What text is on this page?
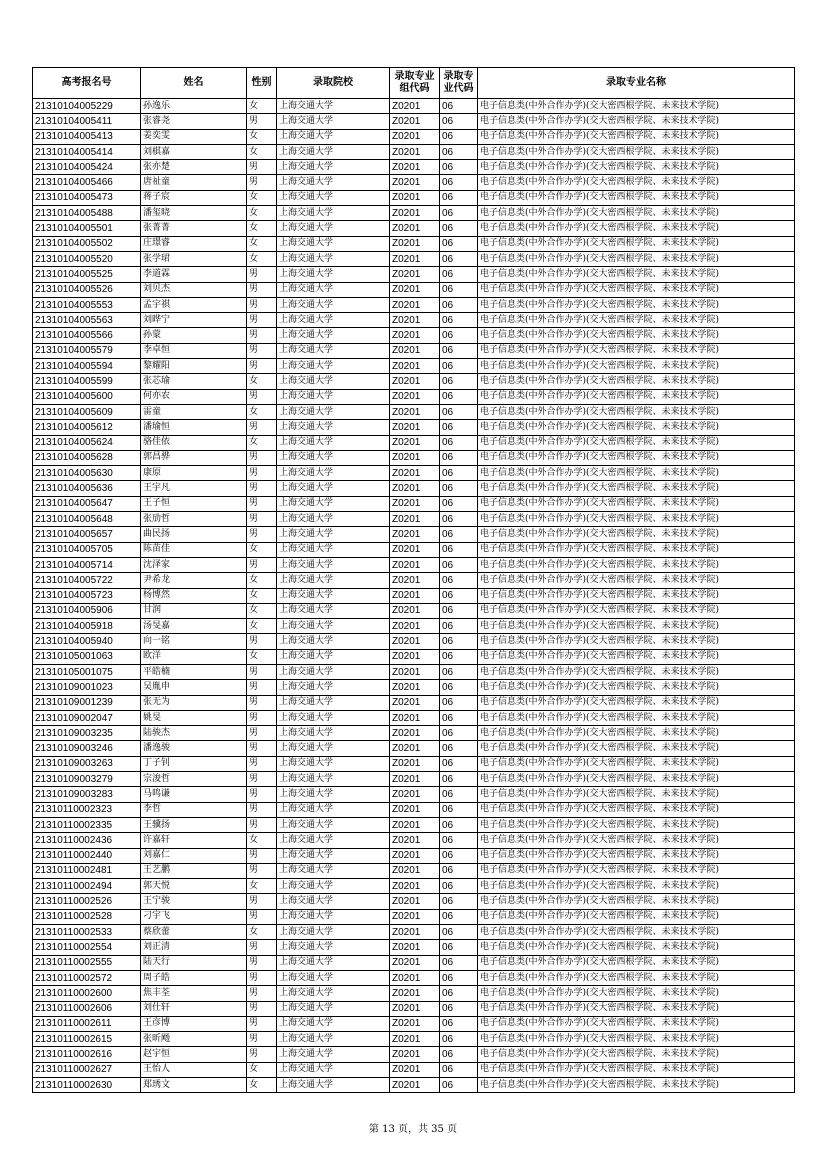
高考报名号	姓名	性别	录取院校	录取专业组代码	录取专业代码	录取专业名称
21310104005229	孙逸乐	女	上海交通大学	Z0201	06	电子信息类(中外合作办学)(交大密西根学院、未来技术学院)
21310104005411	张睿尧	男	上海交通大学	Z0201	06	电子信息类(中外合作办学)(交大密西根学院、未来技术学院)
21310104005413	姜奕雯	女	上海交通大学	Z0201	06	电子信息类(中外合作办学)(交大密西根学院、未来技术学院)
21310104005414	刘棋嘉	女	上海交通大学	Z0201	06	电子信息类(中外合作办学)(交大密西根学院、未来技术学院)
21310104005424	张亦楚	男	上海交通大学	Z0201	06	电子信息类(中外合作办学)(交大密西根学院、未来技术学院)
21310104005466	唐祉童	男	上海交通大学	Z0201	06	电子信息类(中外合作办学)(交大密西根学院、未来技术学院)
21310104005473	蒋子宸	女	上海交通大学	Z0201	06	电子信息类(中外合作办学)(交大密西根学院、未来技术学院)
21310104005488	潘玺晓	女	上海交通大学	Z0201	06	电子信息类(中外合作办学)(交大密西根学院、未来技术学院)
21310104005501	张菁菁	女	上海交通大学	Z0201	06	电子信息类(中外合作办学)(交大密西根学院、未来技术学院)
21310104005502	庄璟睿	女	上海交通大学	Z0201	06	电子信息类(中外合作办学)(交大密西根学院、未来技术学院)
21310104005520	张学珺	女	上海交通大学	Z0201	06	电子信息类(中外合作办学)(交大密西根学院、未来技术学院)
21310104005525	李道霖	男	上海交通大学	Z0201	06	电子信息类(中外合作办学)(交大密西根学院、未来技术学院)
21310104005526	刘贝杰	男	上海交通大学	Z0201	06	电子信息类(中外合作办学)(交大密西根学院、未来技术学院)
21310104005553	孟宇祺	男	上海交通大学	Z0201	06	电子信息类(中外合作办学)(交大密西根学院、未来技术学院)
21310104005563	刘晔宁	男	上海交通大学	Z0201	06	电子信息类(中外合作办学)(交大密西根学院、未来技术学院)
21310104005566	孙蒙	男	上海交通大学	Z0201	06	电子信息类(中外合作办学)(交大密西根学院、未来技术学院)
21310104005579	李卓恒	男	上海交通大学	Z0201	06	电子信息类(中外合作办学)(交大密西根学院、未来技术学院)
21310104005594	黎耀阳	男	上海交通大学	Z0201	06	电子信息类(中外合作办学)(交大密西根学院、未来技术学院)
21310104005599	张芯瑜	女	上海交通大学	Z0201	06	电子信息类(中外合作办学)(交大密西根学院、未来技术学院)
21310104005600	何亦农	男	上海交通大学	Z0201	06	电子信息类(中外合作办学)(交大密西根学院、未来技术学院)
21310104005609	雷童	女	上海交通大学	Z0201	06	电子信息类(中外合作办学)(交大密西根学院、未来技术学院)
21310104005612	潘瑜恒	男	上海交通大学	Z0201	06	电子信息类(中外合作办学)(交大密西根学院、未来技术学院)
21310104005624	骆佳依	女	上海交通大学	Z0201	06	电子信息类(中外合作办学)(交大密西根学院、未来技术学院)
21310104005628	郭昌骅	男	上海交通大学	Z0201	06	电子信息类(中外合作办学)(交大密西根学院、未来技术学院)
21310104005630	康原	男	上海交通大学	Z0201	06	电子信息类(中外合作办学)(交大密西根学院、未来技术学院)
21310104005636	王宇凡	男	上海交通大学	Z0201	06	电子信息类(中外合作办学)(交大密西根学院、未来技术学院)
21310104005647	王子恒	男	上海交通大学	Z0201	06	电子信息类(中外合作办学)(交大密西根学院、未来技术学院)
21310104005648	张劢哲	男	上海交通大学	Z0201	06	电子信息类(中外合作办学)(交大密西根学院、未来技术学院)
21310104005657	曲民扬	男	上海交通大学	Z0201	06	电子信息类(中外合作办学)(交大密西根学院、未来技术学院)
21310104005705	陈苗佳	女	上海交通大学	Z0201	06	电子信息类(中外合作办学)(交大密西根学院、未来技术学院)
21310104005714	沈泽家	男	上海交通大学	Z0201	06	电子信息类(中外合作办学)(交大密西根学院、未来技术学院)
21310104005722	尹希龙	女	上海交通大学	Z0201	06	电子信息类(中外合作办学)(交大密西根学院、未来技术学院)
21310104005723	杨博然	女	上海交通大学	Z0201	06	电子信息类(中外合作办学)(交大密西根学院、未来技术学院)
21310104005906	甘润	女	上海交通大学	Z0201	06	电子信息类(中外合作办学)(交大密西根学院、未来技术学院)
21310104005918	汤旻嘉	女	上海交通大学	Z0201	06	电子信息类(中外合作办学)(交大密西根学院、未来技术学院)
21310104005940	向一铭	男	上海交通大学	Z0201	06	电子信息类(中外合作办学)(交大密西根学院、未来技术学院)
21310105001063	欧洋	女	上海交通大学	Z0201	06	电子信息类(中外合作办学)(交大密西根学院、未来技术学院)
21310105001075	平皓楠	男	上海交通大学	Z0201	06	电子信息类(中外合作办学)(交大密西根学院、未来技术学院)
21310109001023	吴胤申	男	上海交通大学	Z0201	06	电子信息类(中外合作办学)(交大密西根学院、未来技术学院)
21310109001239	张无为	男	上海交通大学	Z0201	06	电子信息类(中外合作办学)(交大密西根学院、未来技术学院)
21310109002047	姚旻	男	上海交通大学	Z0201	06	电子信息类(中外合作办学)(交大密西根学院、未来技术学院)
21310109003235	陆骏杰	男	上海交通大学	Z0201	06	电子信息类(中外合作办学)(交大密西根学院、未来技术学院)
21310109003246	潘逸骏	男	上海交通大学	Z0201	06	电子信息类(中外合作办学)(交大密西根学院、未来技术学院)
21310109003263	丁子钊	男	上海交通大学	Z0201	06	电子信息类(中外合作办学)(交大密西根学院、未来技术学院)
21310109003279	宗浚哲	男	上海交通大学	Z0201	06	电子信息类(中外合作办学)(交大密西根学院、未来技术学院)
21310109003283	马鸣谦	男	上海交通大学	Z0201	06	电子信息类(中外合作办学)(交大密西根学院、未来技术学院)
21310110002323	李哲	男	上海交通大学	Z0201	06	电子信息类(中外合作办学)(交大密西根学院、未来技术学院)
21310110002335	王骥扬	男	上海交通大学	Z0201	06	电子信息类(中外合作办学)(交大密西根学院、未来技术学院)
21310110002436	许嘉轩	女	上海交通大学	Z0201	06	电子信息类(中外合作办学)(交大密西根学院、未来技术学院)
21310110002440	刘嘉仁	男	上海交通大学	Z0201	06	电子信息类(中外合作办学)(交大密西根学院、未来技术学院)
21310110002481	王艺鹏	男	上海交通大学	Z0201	06	电子信息类(中外合作办学)(交大密西根学院、未来技术学院)
21310110002494	郭天悦	女	上海交通大学	Z0201	06	电子信息类(中外合作办学)(交大密西根学院、未来技术学院)
21310110002526	王宁骏	男	上海交通大学	Z0201	06	电子信息类(中外合作办学)(交大密西根学院、未来技术学院)
21310110002528	刁宇飞	男	上海交通大学	Z0201	06	电子信息类(中外合作办学)(交大密西根学院、未来技术学院)
21310110002533	蔡欣蕾	女	上海交通大学	Z0201	06	电子信息类(中外合作办学)(交大密西根学院、未来技术学院)
21310110002554	刘正清	男	上海交通大学	Z0201	06	电子信息类(中外合作办学)(交大密西根学院、未来技术学院)
21310110002555	陆天行	男	上海交通大学	Z0201	06	电子信息类(中外合作办学)(交大密西根学院、未来技术学院)
21310110002572	周子皓	男	上海交通大学	Z0201	06	电子信息类(中外合作办学)(交大密西根学院、未来技术学院)
21310110002600	焦丰荃	男	上海交通大学	Z0201	06	电子信息类(中外合作办学)(交大密西根学院、未来技术学院)
21310110002606	刘仕轩	男	上海交通大学	Z0201	06	电子信息类(中外合作办学)(交大密西根学院、未来技术学院)
21310110002611	王彦博	男	上海交通大学	Z0201	06	电子信息类(中外合作办学)(交大密西根学院、未来技术学院)
21310110002615	张昕飏	男	上海交通大学	Z0201	06	电子信息类(中外合作办学)(交大密西根学院、未来技术学院)
21310110002616	赵宇恒	男	上海交通大学	Z0201	06	电子信息类(中外合作办学)(交大密西根学院、未来技术学院)
21310110002627	王怡人	女	上海交通大学	Z0201	06	电子信息类(中外合作办学)(交大密西根学院、未来技术学院)
21310110002630	郑琇文	女	上海交通大学	Z0201	06	电子信息类(中外合作办学)(交大密西根学院、未来技术学院)
第 13 页，共 35 页
